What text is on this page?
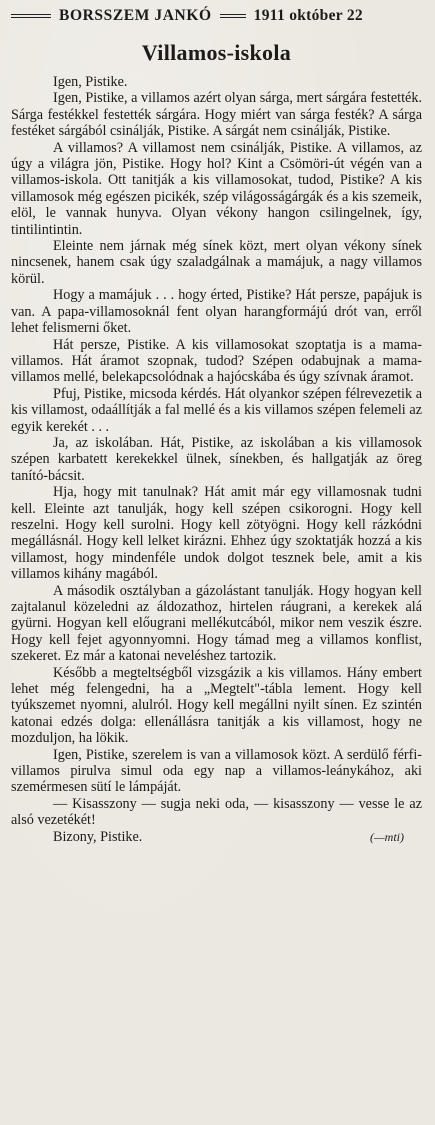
BORSSZEM JANKÓ	1911 október 22
Villamos-iskola

Igen, Pistike.

Igen, Pistike, a villamos azért olyan sárga, mert sárgára festették. Sárga festékkel festették sárgára. Hogy miért van sárga festék? A sárga festéket sárgából csinálják, Pistike. A sárgát nem csinálják, Pistike.

A villamos? A villamost nem csinálják, Pistike. A villamos, az úgy a világra jön, Pistike. Hogy hol? Kint a Csömöri-út végén van a villamos-iskola. Ott tanitják a kis villamosokat, tudod, Pistike? A kis villamosok még egészen picikék, szép világosságárgák és a kis szemeik, elöl, le vannak hunyva. Olyan vékony hangon csilingelnek, így, tintilintintin.

Eleinte nem járnak még sínek közt, mert olyan vékony sínek nincsenek, hanem csak úgy szaladgálnak a mamájuk, a nagy villamos körül.

Hogy a mamájuk . . . hogy érted, Pistike? Hát persze, papájuk is van. A papa-villamosoknál fent olyan harangformájú drót van, erről lehet felismerni őket.

Hát persze, Pistike. A kis villamosokat szoptatja is a mama-villamos. Hát áramot szopnak, tudod? Szépen odabujnak a mama-villamos mellé, belekapcsolódnak a hajócskába és úgy szívnak áramot.

Pfuj, Pistike, micsoda kérdés. Hát olyankor szépen félrevezetik a kis villamost, odaállítják a fal mellé és a kis villamos szépen felemeli az egyik kerekét . . .

Ja, az iskolában. Hát, Pistike, az iskolában a kis villamosok szépen karbatett kerekekkel ülnek, sínekben, és hallgatják az öreg tanító-bácsit.

Hja, hogy mit tanulnak? Hát amit már egy villamosnak tudni kell. Eleinte azt tanulják, hogy kell szépen csikorogni. Hogy kell reszelni. Hogy kell surolni. Hogy kell zötyögni. Hogy kell rázkódni megállásnál. Hogy kell lelket kirázni. Ehhez úgy szoktatják hozzá a kis villamost, hogy mindenféle undok dolgot tesznek bele, amit a kis villamos kihány magából.

A második osztályban a gázolástant tanulják. Hogy hogyan kell zajtalanul közeledni az áldozathoz, hirtelen ráugrani, a kerekek alá gyürni. Hogyan kell előugrani mellékutcából, mikor nem veszik észre. Hogy kell fejet agyonnyomni. Hogy támad meg a villamos konflist, szekeret. Ez már a katonai neveléshez tartozik.

Később a megteltségből vizsgázik a kis villamos. Hány embert lehet még felengedni, ha a „Megtelt"-tábla lement. Hogy kell tyúkszemet nyomni, alulról. Hogy kell megállni nyilt sínen. Ez szintén katonai edzés dolga: ellenállásra tanitják a kis villamost, hogy ne mozduljon, ha lökik.

Igen, Pistike, szerelem is van a villamosok közt. A serdülő férfi-villamos pirulva simul oda egy nap a villamos-leánykához, aki szemérmesen sütí le lámpáját.

— Kisasszony — sugja neki oda, — kisasszony — vesse le az alsó vezetékét!

Bizony, Pistike.	(—mti)
